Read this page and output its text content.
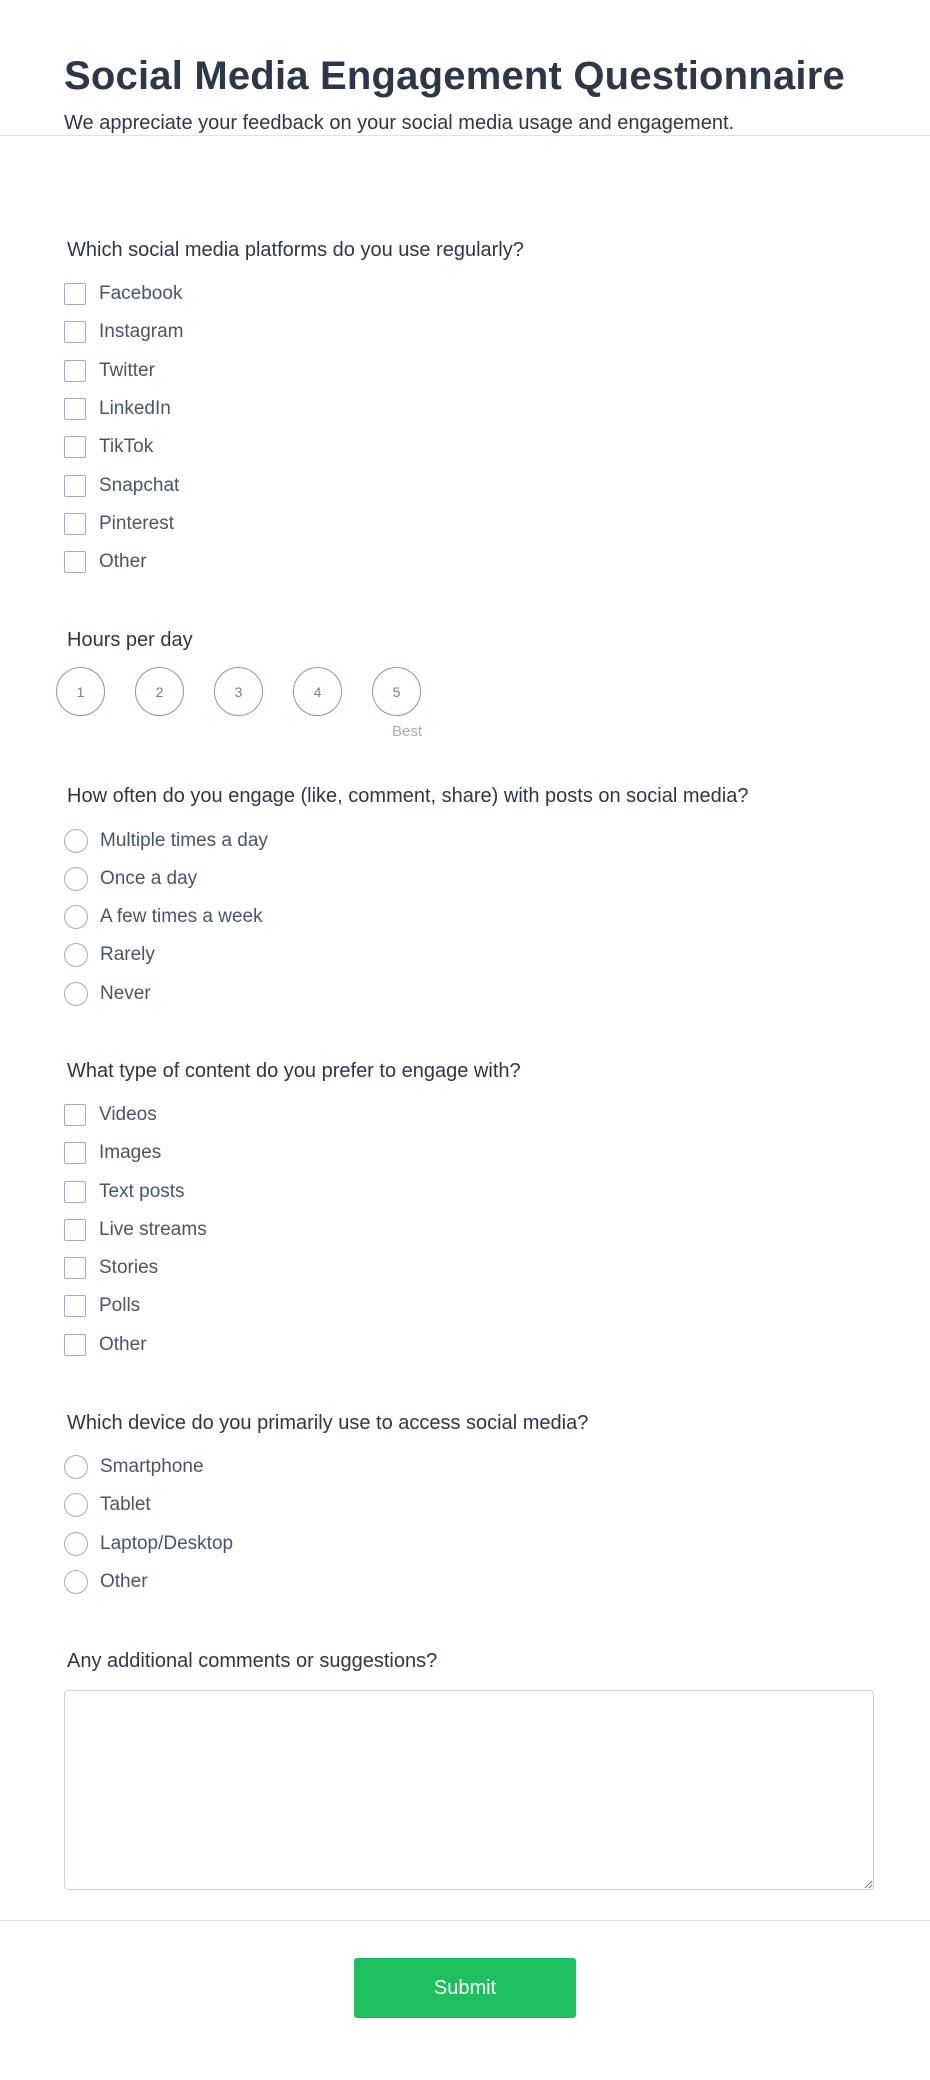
Social Media Engagement Questionnaire

We appreciate your feedback on your social media usage and engagement.

Which social media platforms do you use regularly?
Facebook
Instagram
Twitter
LinkedIn
TikTok
Snapchat
Pinterest
Other
Hours per day
1	2	3	4	5
Best
How often do you engage (like, comment, share) with posts on social media?
Multiple times a day
Once a day
A few times a week
Rarely
Never
What type of content do you prefer to engage with?
Videos
Images
Text posts
Live streams
Stories
Polls
Other
Which device do you primarily use to access social media?
Smartphone
Tablet
Laptop/Desktop
Other
Any additional comments or suggestions?
Submit
